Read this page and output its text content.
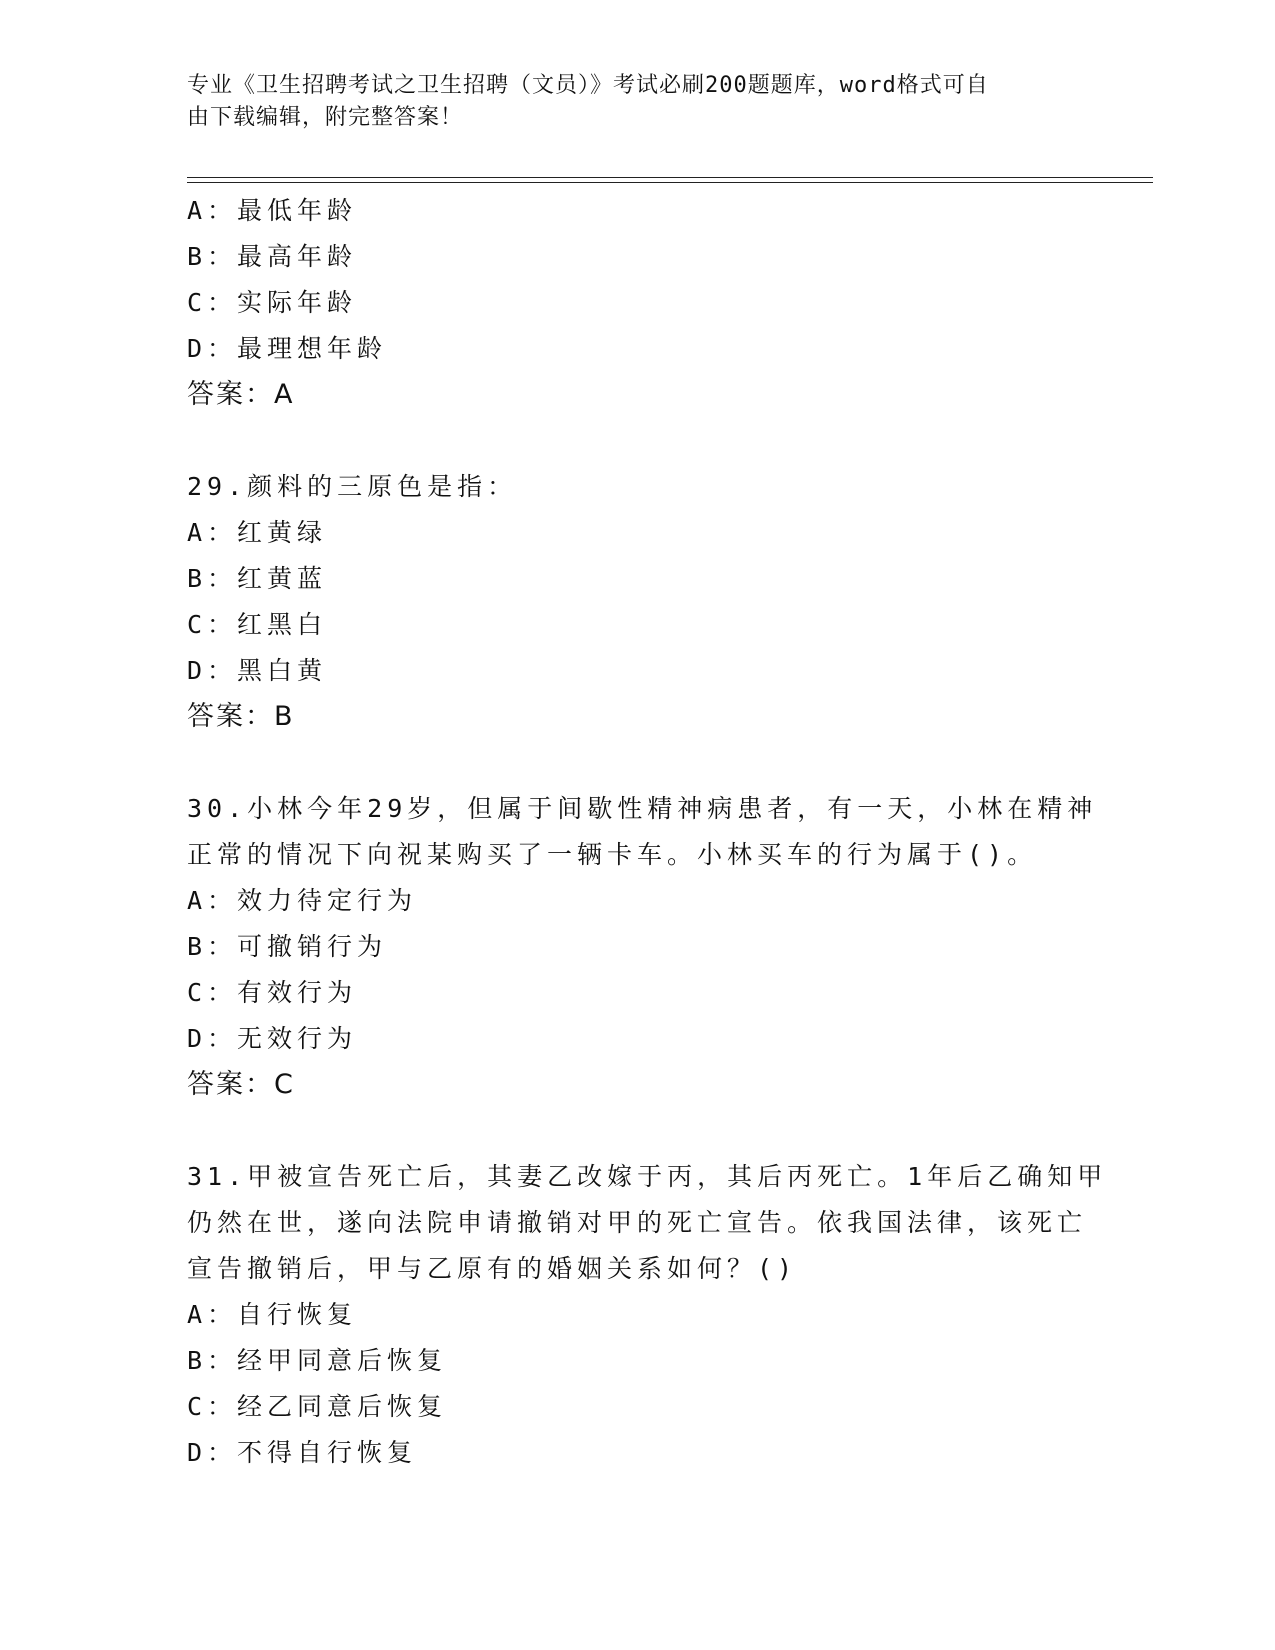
专业《卫生招聘考试之卫生招聘（文员）》考试必刷200题题库，word格式可自
由下载编辑，附完整答案！
A：最低年龄
B：最高年龄
C：实际年龄
D：最理想年龄
答案：A
29.颜料的三原色是指：
A：红黄绿
B：红黄蓝
C：红黑白
D：黑白黄
答案：B
30.小林今年29岁，但属于间歇性精神病患者，有一天，小林在精神
正常的情况下向祝某购买了一辆卡车。小林买车的行为属于()。
A：效力待定行为
B：可撤销行为
C：有效行为
D：无效行为
答案：C
31.甲被宣告死亡后，其妻乙改嫁于丙，其后丙死亡。1年后乙确知甲
仍然在世，遂向法院申请撤销对甲的死亡宣告。依我国法律，该死亡
宣告撤销后，甲与乙原有的婚姻关系如何？()
A：自行恢复
B：经甲同意后恢复
C：经乙同意后恢复
D：不得自行恢复
